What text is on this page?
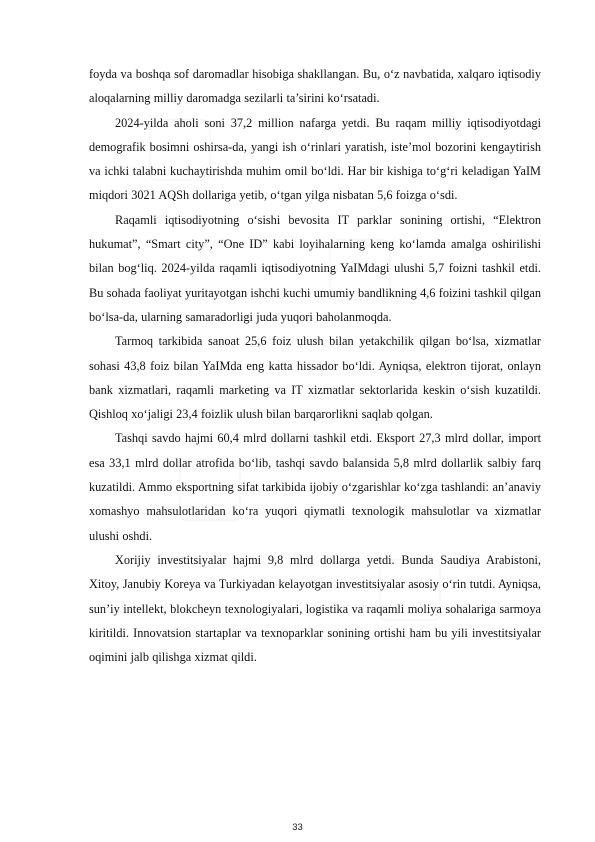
foyda va boshqa sof daromadlar hisobiga shakllangan. Bu, o‘z navbatida, xalqaro iqtisodiy aloqalarning milliy daromadga sezilarli ta’sirini ko‘rsatadi.

2024-yilda aholi soni 37,2 million nafarga yetdi. Bu raqam milliy iqtisodiyotdagi demografik bosimni oshirsa-da, yangi ish o‘rinlari yaratish, iste’mol bozorini kengaytirish va ichki talabni kuchaytirishda muhim omil bo‘ldi. Har bir kishiga to‘g‘ri keladigan YaIM miqdori 3021 AQSh dollariga yetib, o‘tgan yilga nisbatan 5,6 foizga o‘sdi.

Raqamli iqtisodiyotning o‘sishi bevosita IT parklar sonining ortishi, “Elektron hukumat”, “Smart city”, “One ID” kabi loyihalarning keng ko‘lamda amalga oshirilishi bilan bog‘liq. 2024-yilda raqamli iqtisodiyotning YaIMdagi ulushi 5,7 foizni tashkil etdi. Bu sohada faoliyat yuritayotgan ishchi kuchi umumiy bandlikning 4,6 foizini tashkil qilgan bo‘lsa-da, ularning samaradorligi juda yuqori baholanmoqda.

Tarmoq tarkibida sanoat 25,6 foiz ulush bilan yetakchilik qilgan bo‘lsa, xizmatlar sohasi 43,8 foiz bilan YaIMda eng katta hissador bo‘ldi. Ayniqsa, elektron tijorat, onlayn bank xizmatlari, raqamli marketing va IT xizmatlar sektorlarida keskin o‘sish kuzatildi. Qishloq xo‘jaligi 23,4 foizlik ulush bilan barqarorlikni saqlab qolgan.

Tashqi savdo hajmi 60,4 mlrd dollarni tashkil etdi. Eksport 27,3 mlrd dollar, import esa 33,1 mlrd dollar atrofida bo‘lib, tashqi savdo balansida 5,8 mlrd dollarlik salbiy farq kuzatildi. Ammo eksportning sifat tarkibida ijobiy o‘zgarishlar ko‘zga tashlandi: an’anaviy xomashyo mahsulotlaridan ko‘ra yuqori qiymatli texnologik mahsulotlar va xizmatlar ulushi oshdi.

Xorijiy investitsiyalar hajmi 9,8 mlrd dollarga yetdi. Bunda Saudiya Arabistoni, Xitoy, Janubiy Koreya va Turkiyadan kelayotgan investitsiyalar asosiy o‘rin tutdi. Ayniqsa, sun’iy intellekt, blokcheyn texnologiyalari, logistika va raqamli moliya sohalariga sarmoya kiritildi. Innovatsion startaplar va texnoparklar sonining ortishi ham bu yili investitsiyalar oqimini jalb qilishga xizmat qildi.

33
